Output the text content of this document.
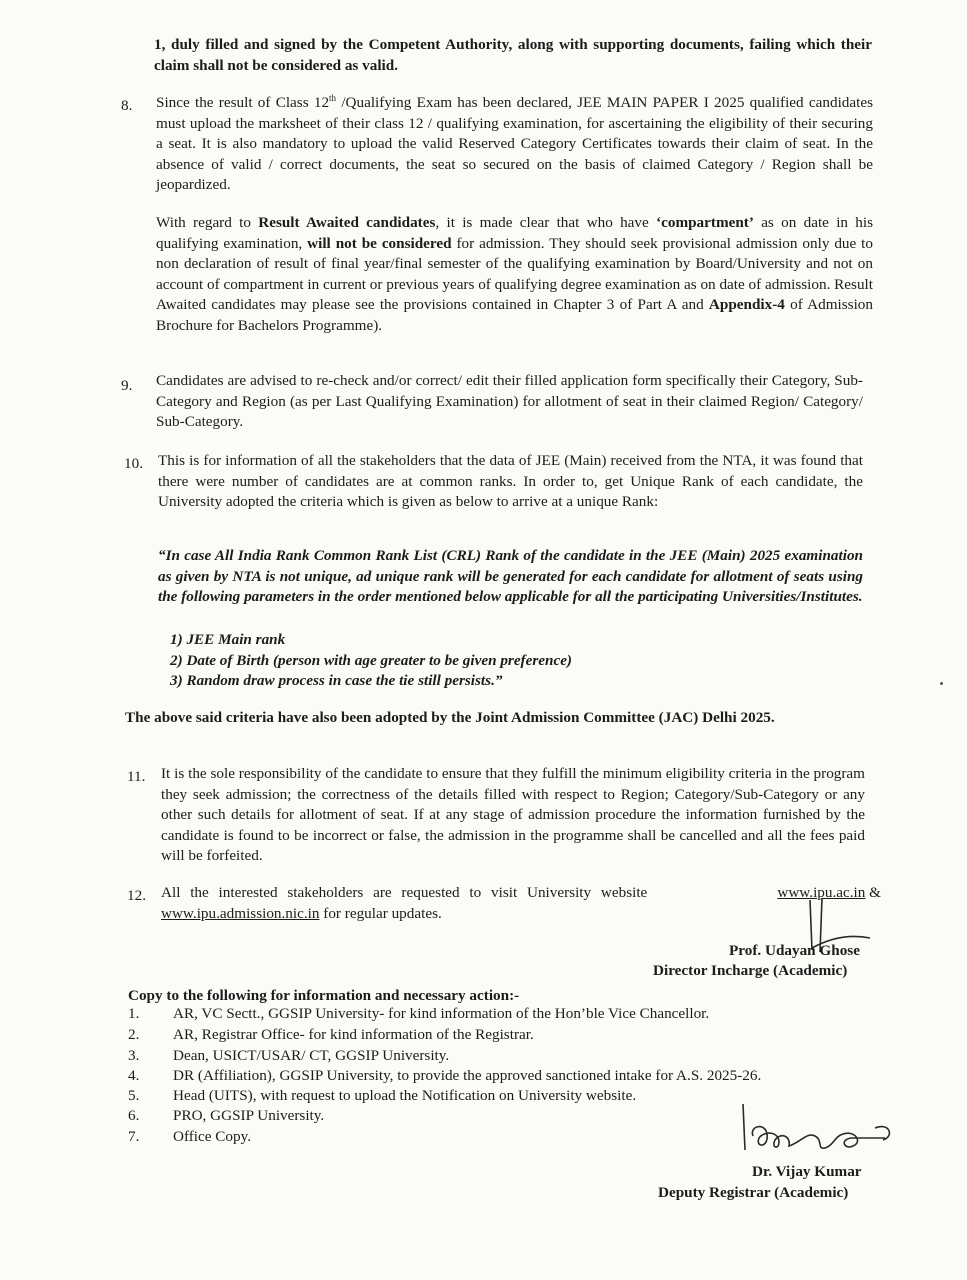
1, duly filled and signed by the Competent Authority, along with supporting documents, failing which their claim shall not be considered as valid.
8.	Since the result of Class 12th /Qualifying Exam has been declared, JEE MAIN PAPER I 2025 qualified candidates must upload the marksheet of their class 12 / qualifying examination, for ascertaining the eligibility of their securing a seat. It is also mandatory to upload the valid Reserved Category Certificates towards their claim of seat. In the absence of valid / correct documents, the seat so secured on the basis of claimed Category / Region shall be jeopardized.
With regard to Result Awaited candidates, it is made clear that who have ‘compartment’ as on date in his qualifying examination, will not be considered for admission. They should seek provisional admission only due to non declaration of result of final year/final semester of the qualifying examination by Board/University and not on account of compartment in current or previous years of qualifying degree examination as on date of admission. Result Awaited candidates may please see the provisions contained in Chapter 3 of Part A and Appendix-4 of Admission Brochure for Bachelors Programme).
9.	Candidates are advised to re-check and/or correct/ edit their filled application form specifically their Category, Sub-Category and Region (as per Last Qualifying Examination) for allotment of seat in their claimed Region/ Category/ Sub-Category.
10. This is for information of all the stakeholders that the data of JEE (Main) received from the NTA, it was found that there were number of candidates are at common ranks. In order to, get Unique Rank of each candidate, the University adopted the criteria which is given as below to arrive at a unique Rank:
“In case All India Rank Common Rank List (CRL) Rank of the candidate in the JEE (Main) 2025 examination as given by NTA is not unique, ad unique rank will be generated for each candidate for allotment of seats using the following parameters in the order mentioned below applicable for all the participating Universities/Institutes.
1) JEE Main rank
2) Date of Birth (person with age greater to be given preference)
3) Random draw process in case the tie still persists.”
The above said criteria have also been adopted by the Joint Admission Committee (JAC) Delhi 2025.
11.	It is the sole responsibility of the candidate to ensure that they fulfill the minimum eligibility criteria in the program they seek admission; the correctness of the details filled with respect to Region; Category/Sub-Category or any other such details for allotment of seat. If at any stage of admission procedure the information furnished by the candidate is found to be incorrect or false, the admission in the programme shall be cancelled and all the fees paid will be forfeited.
12. All the interested stakeholders are requested to visit University website	www.ipu.ac.in &
www.ipu.admission.nic.in for regular updates.
Prof. Udayan Ghose
Director Incharge (Academic)
Copy to the following for information and necessary action:-
1.	AR, VC Sectt., GGSIP University- for kind information of the Hon’ble Vice Chancellor.
2.	AR, Registrar Office- for kind information of the Registrar.
3.	Dean, USICT/USAR/ CT, GGSIP University.
4.	DR (Affiliation), GGSIP University, to provide the approved sanctioned intake for A.S. 2025-26.
5.	Head (UITS), with request to upload the Notification on University website.
6.	PRO, GGSIP University.
7.	Office Copy.
Dr. Vijay Kumar
Deputy Registrar (Academic)
